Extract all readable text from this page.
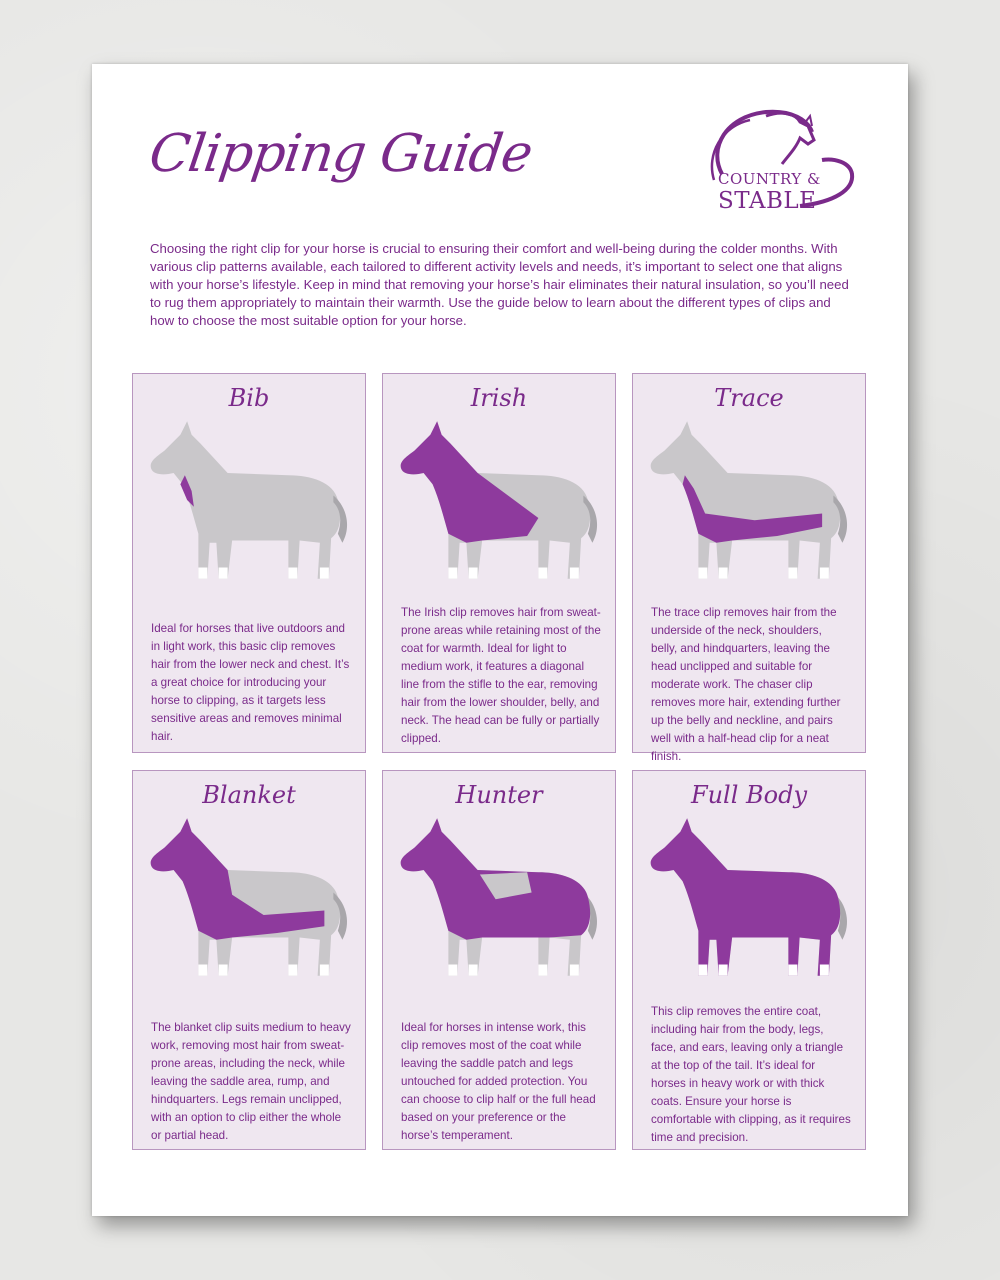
Clipping Guide	COUNTRY &
STABLE
Choosing the right clip for your horse is crucial to ensuring their comfort and well-being during the colder months. With various clip patterns available, each tailored to different activity levels and needs, it’s important to select one that aligns with your horse’s lifestyle. Keep in mind that removing your horse’s hair eliminates their natural insulation, so you’ll need to rug them appropriately to maintain their warmth. Use the guide below to learn about the different types of clips and how to choose the most suitable option for your horse.
Bib
Ideal for horses that live outdoors and in light work, this basic clip removes hair from the lower neck and chest. It’s a great choice for introducing your horse to clipping, as it targets less sensitive areas and removes minimal hair.
Irish
The Irish clip removes hair from sweat-prone areas while retaining most of the coat for warmth. Ideal for light to medium work, it features a diagonal line from the stifle to the ear, removing hair from the lower shoulder, belly, and neck. The head can be fully or partially clipped.
Trace
The trace clip removes hair from the underside of the neck, shoulders, belly, and hindquarters, leaving the head unclipped and suitable for moderate work. The chaser clip removes more hair, extending further up the belly and neckline, and pairs well with a half-head clip for a neat finish.
Blanket
The blanket clip suits medium to heavy work, removing most hair from sweat-prone areas, including the neck, while leaving the saddle area, rump, and hindquarters. Legs remain unclipped, with an option to clip either the whole or partial head.
Hunter
Ideal for horses in intense work, this clip removes most of the coat while leaving the saddle patch and legs untouched for added protection. You can choose to clip half or the full head based on your preference or the horse’s temperament.
Full Body
This clip removes the entire coat, including hair from the body, legs, face, and ears, leaving only a triangle at the top of the tail. It’s ideal for horses in heavy work or with thick coats. Ensure your horse is comfortable with clipping, as it requires time and precision.
